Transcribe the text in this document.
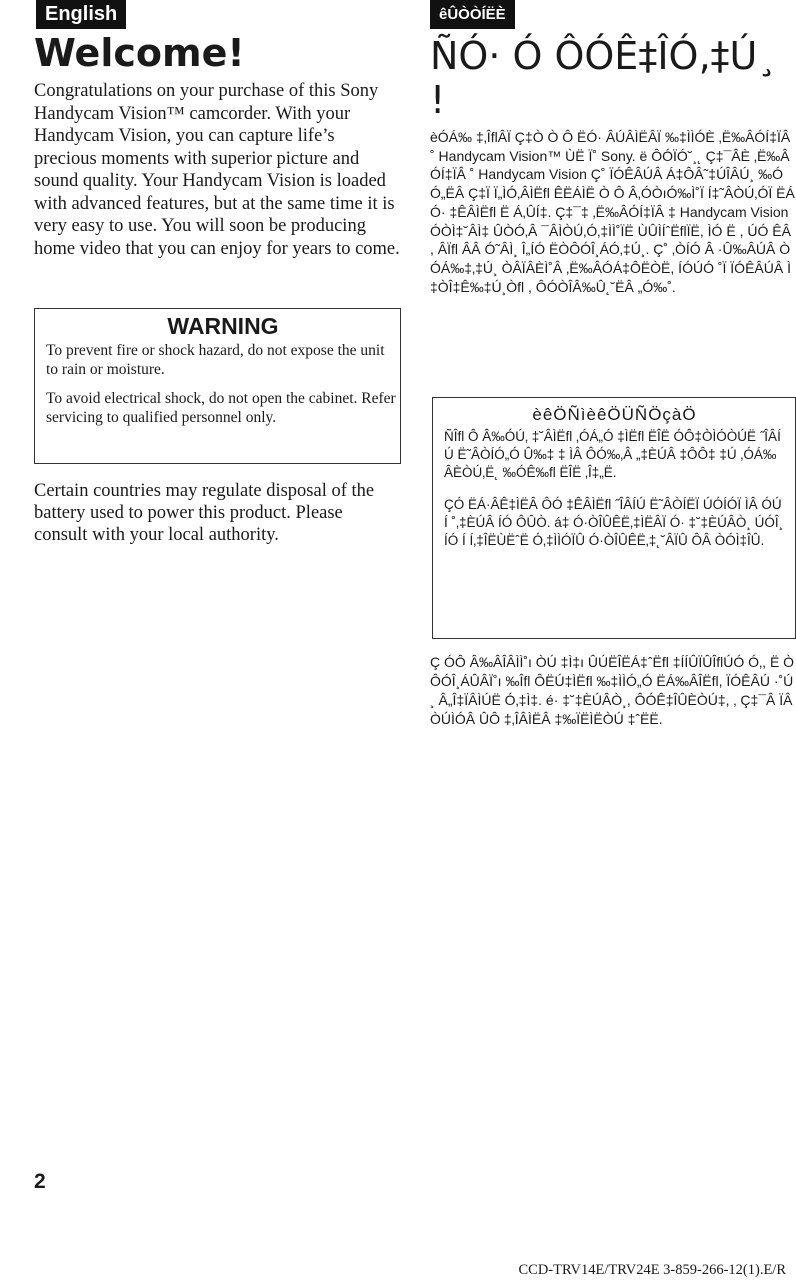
English
Welcome!

Congratulations on your purchase of this Sony Handycam Vision™ camcorder. With your Handycam Vision, you can capture life’s precious moments with superior picture and sound quality. Your Handycam Vision is loaded with advanced features, but at the same time it is very easy to use. You will soon be producing home video that you can enjoy for years to come.

WARNING

To prevent fire or shock hazard, do not expose the unit to rain or moisture.

To avoid electrical shock, do not open the cabinet. Refer servicing to qualified personnel only.

Certain countries may regulate disposal of the battery used to power this product. Please consult with your local authority.

2
êÛÒÒÍËÈ
ÑÓ· Ó ÔÓÊ‡ÎÓ‚‡Ú¸ !

èÓÁ‰ ‡‚ÎflÂÏ Ç‡Ò Ò Ô ËÓ· ÂÚÂÌËÂÏ ‰‡ÌÌÓÈ ‚Ë‰ÂÓÍ‡ÏÂ ˚ Handycam Vision™ ÙË Ï˚ Sony. ë ÔÓÏÓ˘¸˛ Ç‡¯ÂÈ ‚Ë‰ÂÓÍ‡ÏÂ ˚ Handycam Vision Ç˚ ÏÓÊÂÚÂ Á‡ÔÂ˜‡ÚÎÂÚ¸ ‰Ó Ó„ËÂ Ç‡Ï Ï„ÌÓ‚ÂÌËfl ÊËÁÌË Ò Ô Â‚ÓÒıÓ‰Ì˚Ï Í‡˜ÂÒÚ‚ÓÏ ËÁÓ· ‡ÊÂÌËfl Ë Á‚ÛÍ‡. Ç‡¯‡ ‚Ë‰ÂÓÍ‡ÏÂ ‡ Handycam Vision ÓÒÌ‡˘ÂÌ‡ ÛÒÓ‚Â ¯ÂÌÒÚ‚Ó‚‡ÌÌ˚ÏË ÙÛÌÍˆËflÏË, ÌÓ Ë , ÚÓ ÊÂ , ÂÏfl ÂÂ Ó˜ÂÌ¸ Î„ÍÓ ËÒÔÓÎ¸ÁÓ‚‡Ú¸. Ç˚ ‚ÒÍÓ Â ·Û‰ÂÚÂ ÒÓÁ‰‡‚‡Ú¸ ÒÂÏÂÈÌ˚Â ‚Ë‰ÂÓÁ‡ÔËÒË, ÍÓÚÓ ˚Ï ÏÓÊÂÚÂ Ì‡ÒÎ‡Ê‰‡Ú¸Òfl , ÔÓÒÎÂ‰Û˛˘ËÂ „Ó‰˚.

èêÖÑìèêÖÜÑÖçàÖ

ÑÎfl Ô Â‰ÓÚ‚ ‡˘ÂÌËfl ‚ÓÁ„Ó ‡ÌËfl ËÎË ÓÔ‡ÒÌÓÒÚË ˝ÎÂÍÚ Ë˜ÂÒÍÓ„Ó Û‰‡ ‡ ÌÂ ÔÓ‰‚Â „‡ÈÚÂ ‡ÔÔ‡ ‡Ú ‚ÓÁ‰ÂÈÒÚ‚Ë˛ ‰ÓÊ‰fl ËÎË ‚Î‡„Ë.

ÇÓ ËÁ·ÂÊ‡ÌËÂ ÔÓ ‡ÊÂÌËfl ˝ÎÂÍÚ Ë˜ÂÒÍËÏ ÚÓÍÓÏ ÌÂ ÓÚÍ ˚‚‡ÈÚÂ ÍÓ ÔÛÒ. á‡ Ó·ÒÎÛÊË‚‡ÌËÂÏ Ó· ‡˘‡ÈÚÂÒ¸ ÚÓÎ¸ÍÓ Í Í‚‡ÎËÙËˆË Ó‚‡ÌÌÓÏÛ Ó·ÒÎÛÊË‚‡˛˘ÂÏÛ ÔÂ ÒÓÌ‡ÎÛ.

Ç ÓÔ Â‰ÂÎÂÌÌ˚ı ÒÚ ‡Ì‡ı ÛÚËÎËÁ‡ˆËfl ‡ÍÍÛÏÛÎflÚÓ Ó‚, Ë ÒÔÓÎ¸ÁÛÂÏ˚ı ‰Îfl ÔËÚ‡ÌËfl ‰‡ÌÌÓ„Ó ËÁ‰ÂÎËfl, ÏÓÊÂÚ ·˚Ú¸ Â„Î‡ÏÂÌÚË Ó‚‡Ì‡. é· ‡˘‡ÈÚÂÒ¸, ÔÓÊ‡ÎÛÈÒÚ‡, ‚ Ç‡¯Â ÏÂÒÚÌÓÂ ÛÔ ‡‚ÎÂÌËÂ ‡‰ÏËÌËÒÚ ‡ˆËË.

CCD-TRV14E/TRV24E 3-859-266-12(1).E/R
